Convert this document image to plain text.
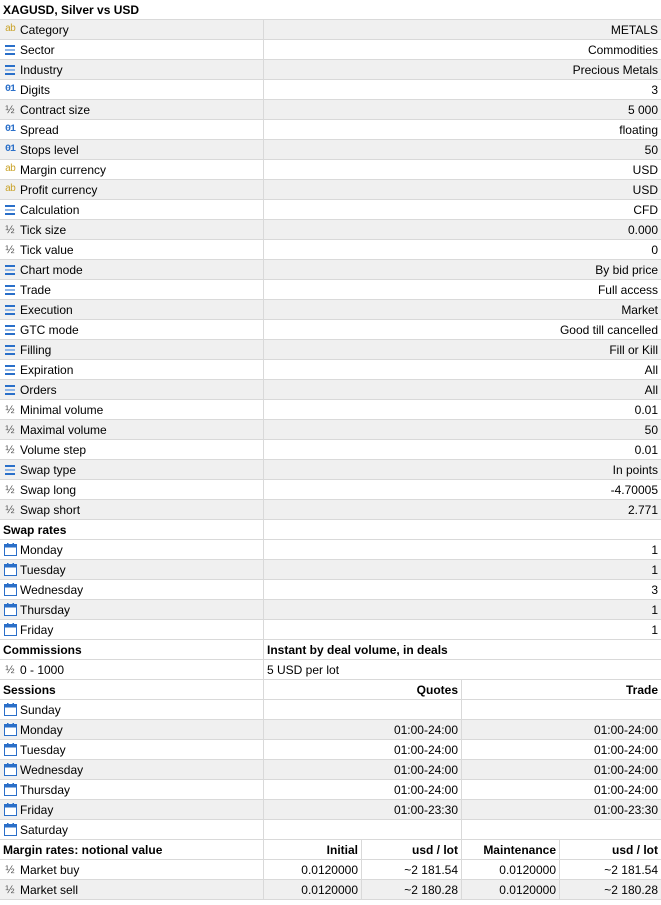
XAGUSD, Silver vs USD
ab Category	METALS
Sector	Commodities
Industry	Precious Metals
01 Digits	3
½ Contract size	5 000
01 Spread	floating
01 Stops level	50
ab Margin currency	USD
ab Profit currency	USD
Calculation	CFD
½ Tick size	0.000
½ Tick value	0
Chart mode	By bid price
Trade	Full access
Execution	Market
GTC mode	Good till cancelled
Filling	Fill or Kill
Expiration	All
Orders	All
½ Minimal volume	0.01
½ Maximal volume	50
½ Volume step	0.01
Swap type	In points
½ Swap long	-4.70005
½ Swap short	2.771
Swap rates
Monday	1
Tuesday	1
Wednesday	3
Thursday	1
Friday	1
Commissions	Instant by deal volume, in deals
½ 0 - 1000	5 USD per lot
Sessions	Quotes	Trade
Sunday
Monday	01:00-24:00	01:00-24:00
Tuesday	01:00-24:00	01:00-24:00
Wednesday	01:00-24:00	01:00-24:00
Thursday	01:00-24:00	01:00-24:00
Friday	01:00-23:30	01:00-23:30
Saturday
Margin rates: notional value	Initial	usd / lot	Maintenance	usd / lot
½ Market buy	0.0120000	~2 181.54	0.0120000	~2 181.54
½ Market sell	0.0120000	~2 180.28	0.0120000	~2 180.28
